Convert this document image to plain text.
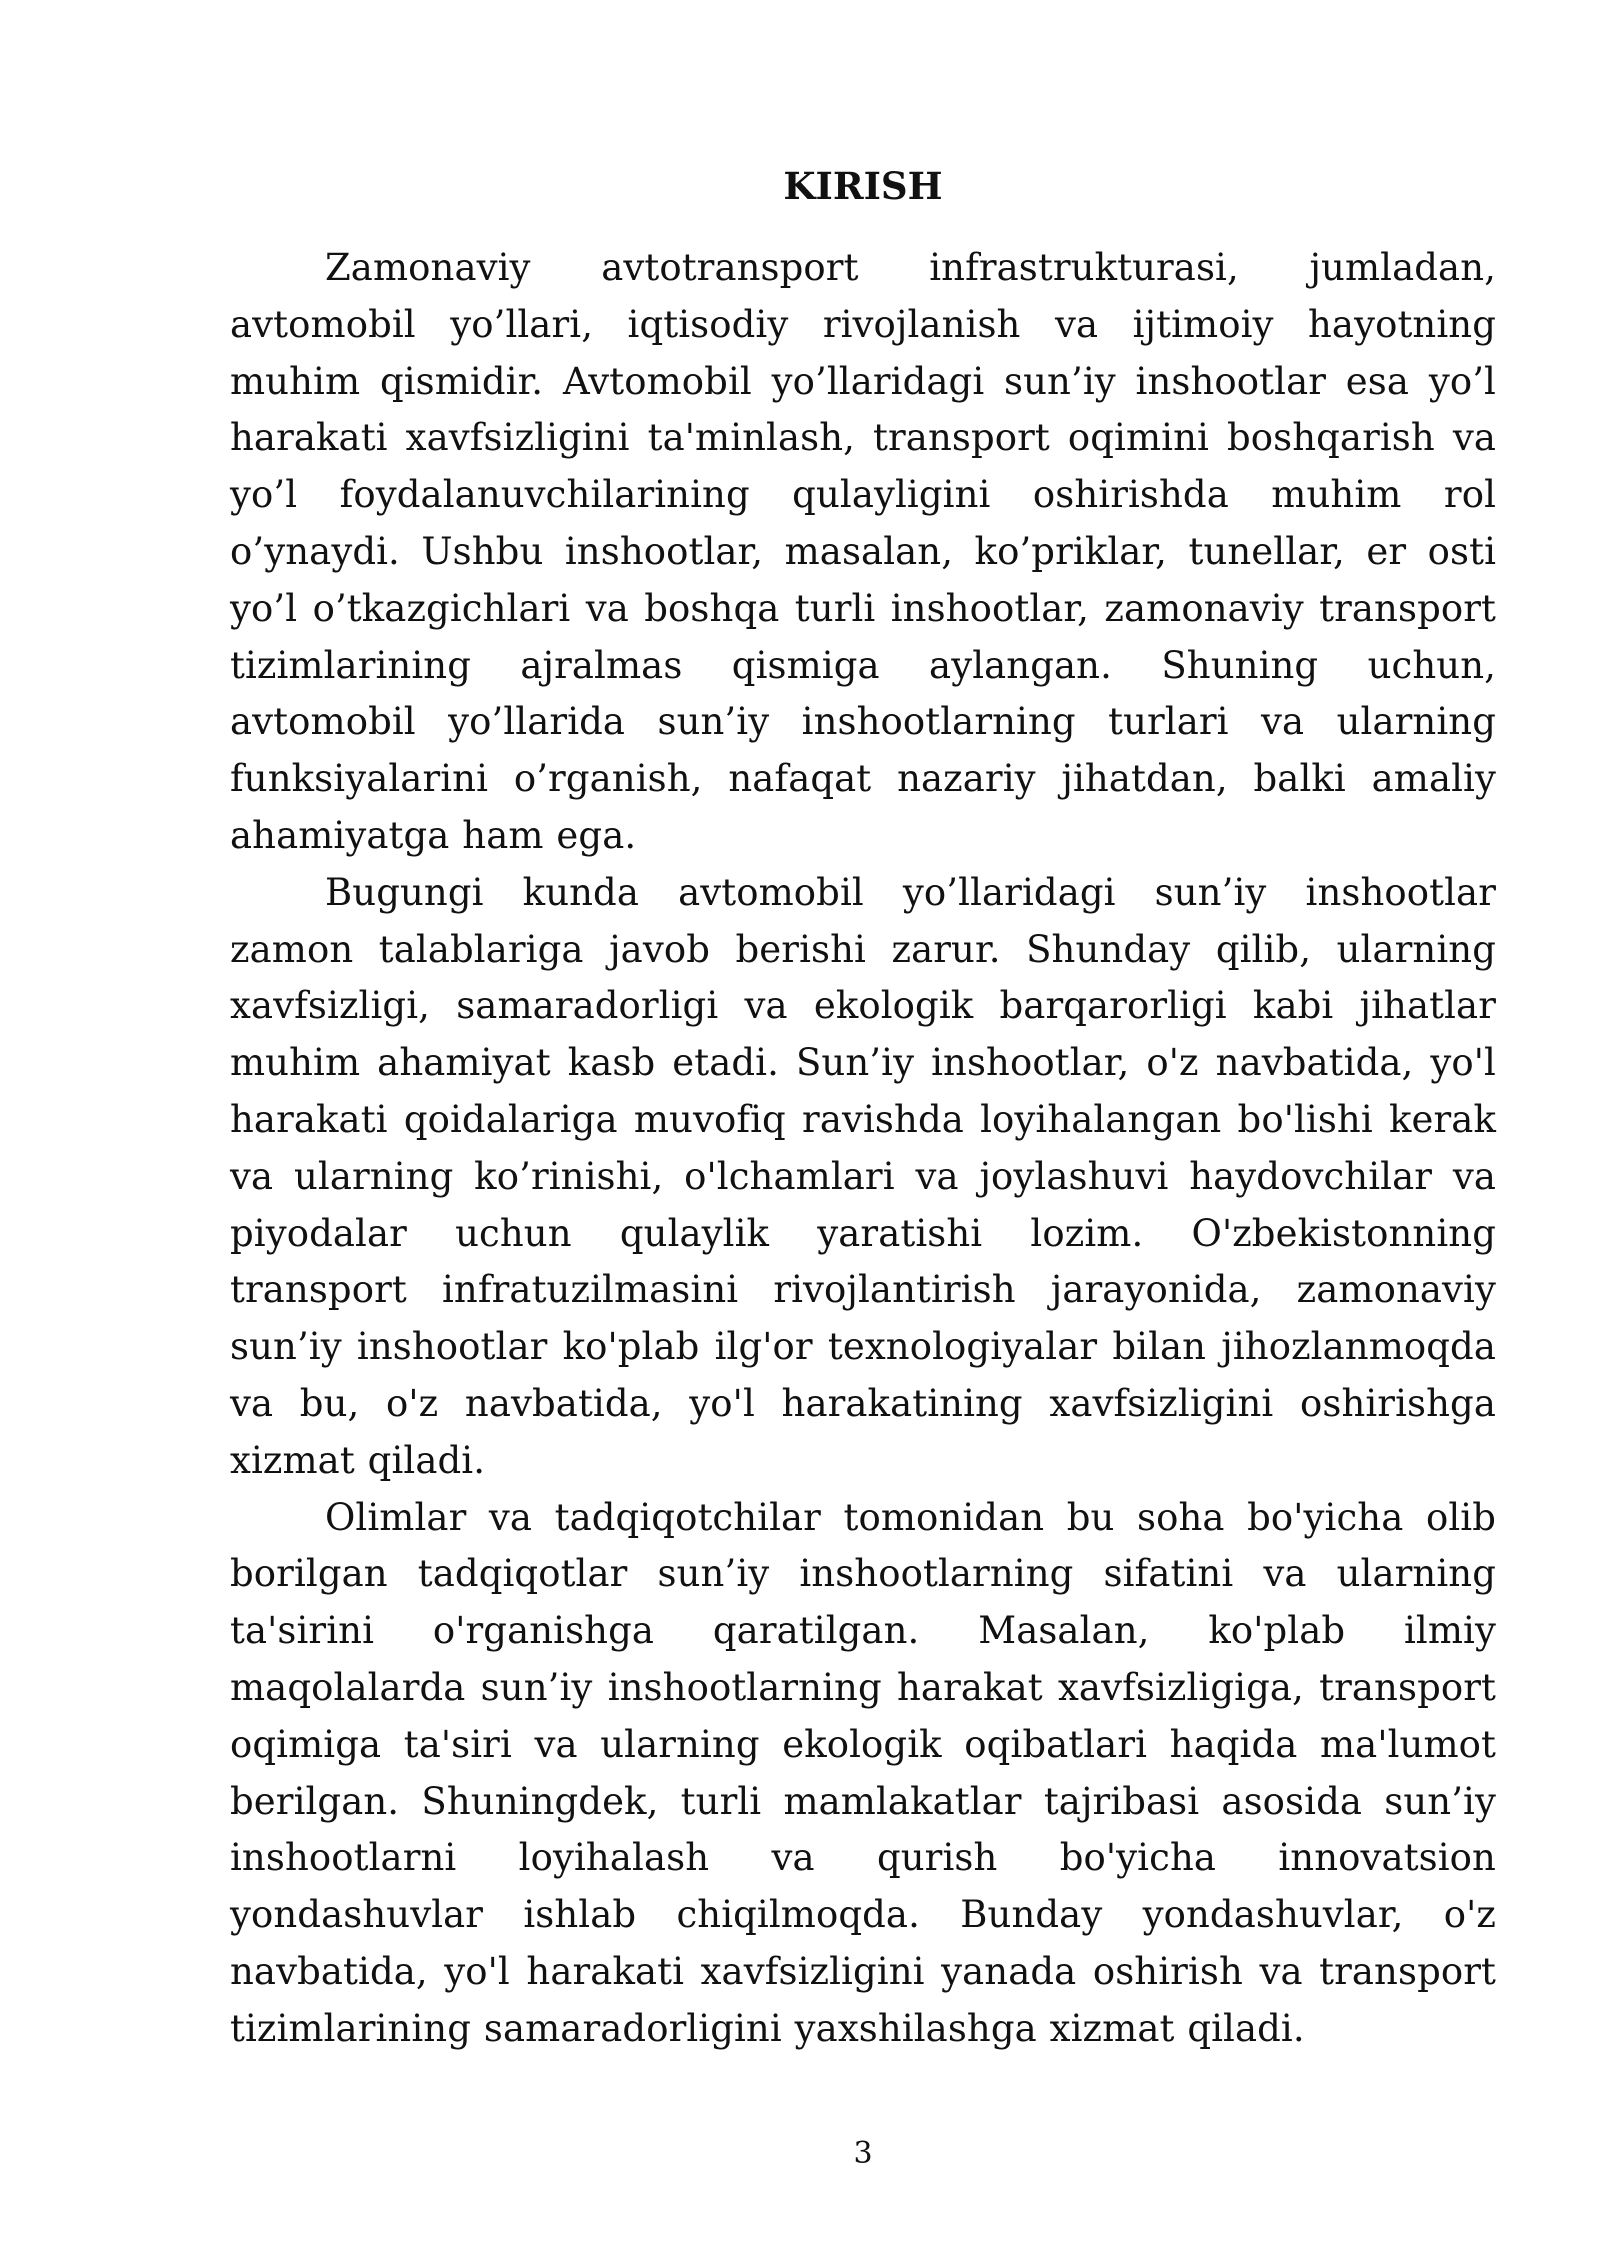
KIRISH

Zamonaviy avtotransport infrastrukturasi, jumladan, avtomobil yo’llari, iqtisodiy rivojlanish va ijtimoiy hayotning muhim qismidir. Avtomobil yo’llaridagi sun’iy inshootlar esa yo’l harakati xavfsizligini ta'minlash, transport oqimini boshqarish va yo’l foydalanuvchilarining qulayligini oshirishda muhim rol o’ynaydi. Ushbu inshootlar, masalan, ko’priklar, tunellar, er osti yo’l o’tkazgichlari va boshqa turli inshootlar, zamonaviy transport tizimlarining ajralmas qismiga aylangan. Shuning uchun, avtomobil yo’llarida sun’iy inshootlarning turlari va ularning funksiyalarini o’rganish, nafaqat nazariy jihatdan, balki amaliy ahamiyatga ham ega.

Bugungi kunda avtomobil yo’llaridagi sun’iy inshootlar zamon talablariga javob berishi zarur. Shunday qilib, ularning xavfsizligi, samaradorligi va ekologik barqarorligi kabi jihatlar muhim ahamiyat kasb etadi. Sun’iy inshootlar, o'z navbatida, yo'l harakati qoidalariga muvofiq ravishda loyihalangan bo'lishi kerak va ularning ko’rinishi, o'lchamlari va joylashuvi haydovchilar va piyodalar uchun qulaylik yaratishi lozim. O'zbekistonning transport infratuzilmasini rivojlantirish jarayonida, zamonaviy sun’iy inshootlar ko'plab ilg'or texnologiyalar bilan jihozlanmoqda va bu, o'z navbatida, yo'l harakatining xavfsizligini oshirishga xizmat qiladi.

Olimlar va tadqiqotchilar tomonidan bu soha bo'yicha olib borilgan tadqiqotlar sun’iy inshootlarning sifatini va ularning ta'sirini o'rganishga qaratilgan. Masalan, ko'plab ilmiy maqolalarda sun’iy inshootlarning harakat xavfsizligiga, transport oqimiga ta'siri va ularning ekologik oqibatlari haqida ma'lumot berilgan. Shuningdek, turli mamlakatlar tajribasi asosida sun’iy inshootlarni loyihalash va qurish bo'yicha innovatsion yondashuvlar ishlab chiqilmoqda. Bunday yondashuvlar, o'z navbatida, yo'l harakati xavfsizligini yanada oshirish va transport tizimlarining samaradorligini yaxshilashga xizmat qiladi.

3
